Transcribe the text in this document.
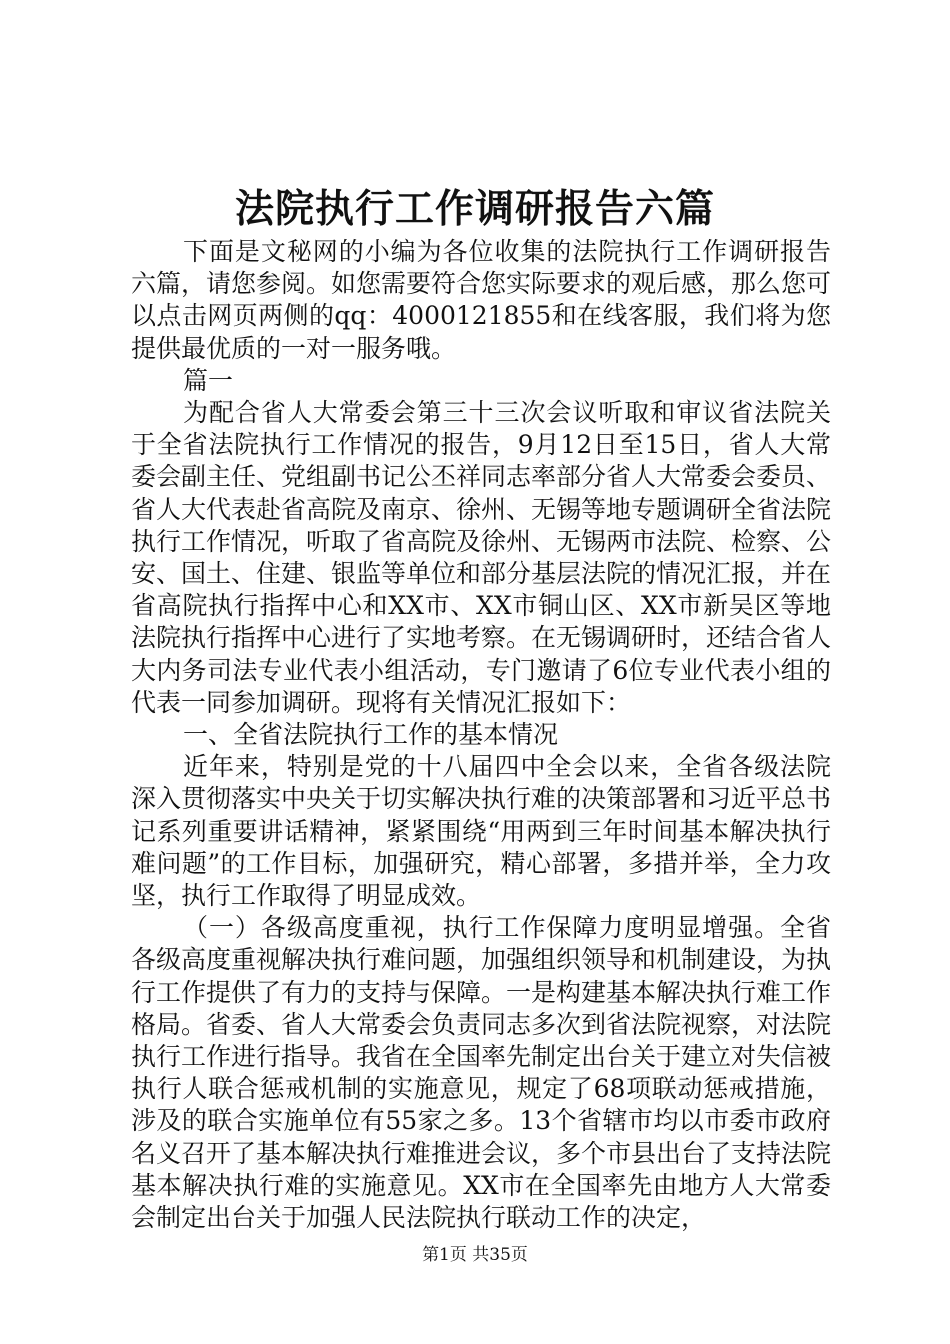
法院执行工作调研报告六篇

下面是文秘网的小编为各位收集的法院执行工作调研报告六篇，请您参阅。如您需要符合您实际要求的观后感，那么您可以点击网页两侧的qq：4000121855和在线客服，我们将为您提供最优质的一对一服务哦。

篇一

为配合省人大常委会第三十三次会议听取和审议省法院关于全省法院执行工作情况的报告，9月12日至15日，省人大常委会副主任、党组副书记公丕祥同志率部分省人大常委会委员、省人大代表赴省高院及南京、徐州、无锡等地专题调研全省法院执行工作情况，听取了省高院及徐州、无锡两市法院、检察、公安、国土、住建、银监等单位和部分基层法院的情况汇报，并在省高院执行指挥中心和XX市、XX市铜山区、XX市新吴区等地法院执行指挥中心进行了实地考察。在无锡调研时，还结合省人大内务司法专业代表小组活动，专门邀请了6位专业代表小组的代表一同参加调研。现将有关情况汇报如下：

一、全省法院执行工作的基本情况

近年来，特别是党的十八届四中全会以来，全省各级法院深入贯彻落实中央关于切实解决执行难的决策部署和习近平总书记系列重要讲话精神，紧紧围绕“用两到三年时间基本解决执行难问题”的工作目标，加强研究，精心部署，多措并举，全力攻坚，执行工作取得了明显成效。

（一）各级高度重视，执行工作保障力度明显增强。全省各级高度重视解决执行难问题，加强组织领导和机制建设，为执行工作提供了有力的支持与保障。一是构建基本解决执行难工作格局。省委、省人大常委会负责同志多次到省法院视察，对法院执行工作进行指导。我省在全国率先制定出台关于建立对失信被执行人联合惩戒机制的实施意见，规定了68项联动惩戒措施，涉及的联合实施单位有55家之多。13个省辖市均以市委市政府名义召开了基本解决执行难推进会议，多个市县出台了支持法院基本解决执行难的实施意见。XX市在全国率先由地方人大常委会制定出台关于加强人民法院执行联动工作的决定，

第1页 共35页
